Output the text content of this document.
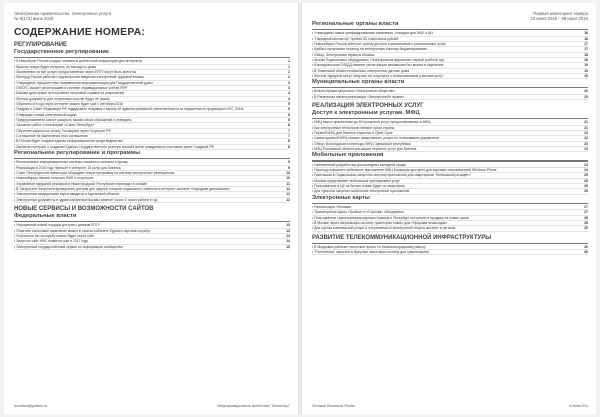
Электронная правительство. Электронные услуги
№ 8(173) июнь 2016
СОДЕРЖАНИЕ НОМЕРА:
РЕГУЛИРОВАНИЕ
Государственное регулирование
• К.Нишобров: Россия создаст элементы доблестной инфраструктуры интернета	1
• Красить новую будет получить, не выходя из дома	1
• Заключение на все услуги предоставления через ЕПГУ могут быть внесены	2
• Минтруд России работает над вопросом введения электронной трудовой книжки	2
• Утверждены приоритетные направления информатизации для Государственной думы	3
• ОМСУС сможет регистрацией в системе индивидуальных учётов ПФР	3
• Банкам дали право на получение налоговой справки за разрешение	4
• Личные документы для получения госуслуг будут не нужны	4
• Обратиться в суд через интернет можно будет уже с сентября 2016	5
• Госдума и Совет Федерации РФ поддержали поправку к закону об административной ответственности за нарушения по формации в КЕС 2015г.	5
• Утвержден новый электронный кодекс	6
• Предприниматели смогут раскрыть заказы своих обращений и утвердить	6
• Заключен работ о платформе «Санкт-Петербург»	6
• Обучение закупок на оплату Госзакупки через Госуслуги РФ	7
• Соглашение на заключения этих соглашения	7
• В России будет создана единая информационная среда ведомства	8
• Заключен контракт о создании Единого государственного реестра записей актов гражданского состояния купит Госдумой РФ	8
Региональное регулирование и программы
• Региональные информационные системы оказались полезны в Крыму	9
• Реализация в 2016 году перешёт в интернет 18 услуг для бизнеса	9
• Совет Петербургских министров обсуждает новую программу на систему электронных ресепционов	10
• Новосибирцы начали получать SMS о госуслугах	10
• Управление наружной рекламой в Нижегородской Республике переводят в онлайн	11
• В Татарстане Запустили функционал доступа для закупок товаров социального значения в интернет-системе «Народная дипломатия»	11
• Электронные медицинские карты вводятся в Курганской области	12
• Электронные документы в здравоохранении Москвы заменят около 3 тысяч рублей в год	12
НОВЫЕ СЕРВИСЫ И ВОЗМОЖНОСТИ САЙТОВ
Федеральные власти
• Упрощенный новый порядок доступа к данным ЕПГУ	13
• Отметить налоговые изменения можно в личном кабинете Единого портала госуслуг	13
• Устроиться на госслужбу можно будет через сайт	14
• Запустил сайт ИФС появится уже в 2017 году	14
• Электронный государственный сервис по информации сообщество	15
monitor@grotek.ru	Информационное агентство "Монитор"
Первый мониторинг номера
10 июня 2016 – 09 июля 2016
Региональные органы власти
• Утверждены новые унифицированные изменения, стандарт для ЖКХ и ЦН	16
• "Народный инспектор" пробил 53,4 миллиона рублей	16
• Новосибирск Россия облегчит оценку доступа в финансовые и региональных услуг	17
• Кузбасс предлагает переход на электронную систему бюджетирования	17
• Обзор: Электронные сервисы Москвы	18
• Школы Подмосковья оборудованы «Электронным журналом» первой учебной год	18
• Южноуральская ГИБДД изменит регистрацию автомашин без визита в отделение	19
• В Тюменской области появились электронные дачные дома	19
• Жители Удмуртии могут получать на госуслугах с полнозначимым участием услуг	19
Муниципальные органы власти
• Власти Крыма запустили «Электронное общество»	20
• В Раменском начата реализация «Электронной» правил	20
РЕАЛИЗАЦИЯ ЭЛЕКТРОННЫХ УСЛУГ
Доступ к электронным услугам. МФЦ
• МФЦ вырос практически до 53 процентов услуг, предоставляемых в МФЦ	21
• Как электронные технологии меняют орган страны	21
• Первый МФЦ для бизнеса открылся в Орле-Орле	22
• Самое крупный МФЦ сможет представлять услуги по пользованию документов	22
• Обзор: Вологодская в переходы МФЦ Чувашской республики	23
• МФЦ Ростовской области расширил перечень услуг для бизнеса	23
Мобильные приложения
• Назначенный разработчик для выездных выездной среды	24
• Переход пофиксить мобильное приложение МФЦ Башкирии доступно для карсоких пользователей Windows Phone	24
• Приглашая в Подмосковье запустить систему приложения для смартфонов "Мобильный резидент"	25
• Москвы представляет мобильным приложением услуг	25
• Пользователи в ЦЕ на бизнес новые будет по смартфону	26
• Для туристов запустил мобильное электронное приложение	26
Электронные карты
• Ранняя карта «Москва»	27
• Транспортные карты «Тройка» и «Стрелка» объединены	27
• Пользователи транспортными картами Нижнем и Петербург поступили в продажу на новые сроки	28
• В Москве через Шерловскую систему траектории нового для «Прорыва пешеходов»	28
• Для оценки комплексной услуги и оперативности электронной «Карты жителя» в регионе	29
РАЗВИТИЕ ТЕЛЕКОММУНИКАЦИОННОЙ ИНФРАСТРУКТУРЫ
• В Мордовии работает пилотный проект по Нижнекогородскому району	30
• "Ростелеком" запустил в Иркутске налоговую систему для гуманитариев	30
Grotack Business Radio	iCenter.Ru
